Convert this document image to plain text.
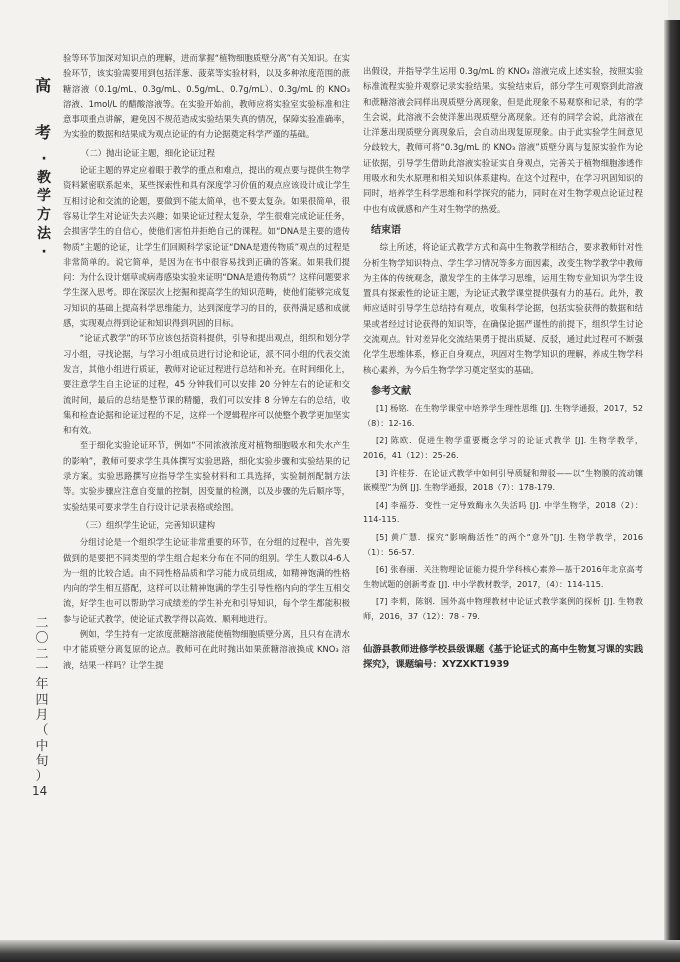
高
考
·
教
学
方
法
·
二
〇
二
一
年
四
月
（
中
旬
）
14

验等环节加深对知识点的理解，进而掌握“植物细胞质壁分离”有关知识。在实验环节，该实验需要用到包括洋葱、菠菜等实验材料，以及多种浓度范围的蔗糖溶液（0.1g/mL、0.3g/mL、0.5g/mL、0.7g/mL）、0.3g/mL 的 KNO₃ 溶液、1mol/L 的醋酸溶液等。在实验开始前，教师应将实验室实验标准和注意事项重点讲解，避免因不规范造成实验结果失真的情况，保障实验准确率，为实验的数据和结果成为观点论证的有力论据奠定科学严谨的基础。

（二）抛出论证主题，细化论证过程

论证主题的界定应着眼于教学的重点和难点，提出的观点要与提供生物学资料紧密联系起来，某些探索性和具有深度学习价值的观点应该设计成让学生互相讨论和交流的论题，要做到不能太简单，也不要太复杂。如果很简单，很容易让学生对论证失去兴趣；如果论证过程太复杂，学生很难完成论证任务，会损害学生的自信心，使他们害怕并拒绝自己的课程。如“DNA是主要的遗传物质”主题的论证，让学生们回顾科学家论证“DNA是遗传物质”观点的过程是非常简单的。说它简单，是因为在书中很容易找到正确的答案。如果我们提问：为什么设计烟草或病毒感染实验来证明“DNA是遗传物质”？这样问题要求学生深入思考。即在深层次上挖掘和提高学生的知识范畴，使他们能够完成复习知识的基础上提高科学思维能力，达到深度学习的目的，获得满足感和成就感，实现观点得到论证和知识得到巩固的目标。

“论证式教学”的环节应该包括资料提供，引导和提出观点，组织和划分学习小组，寻找论据，与学习小组成员进行讨论和论证，派不同小组的代表交流发言，其他小组进行质证，教师对论证过程进行总结和补充。在时间细化上，要注意学生自主论证的过程，45 分钟我们可以安排 20 分钟左右的论证和交流时间，最后的总结是整节课的精髓，我们可以安排 8 分钟左右的总结，收集和检查论据和论证过程的不足，这样一个逻辑程序可以使整个教学更加坚实和有效。

至于细化实验论证环节，例如“不同浓液浓度对植物细胞吸水和失水产生的影响”，教师可要求学生具体撰写实验思路，细化实验步骤和实验结果的记录方案。实验思路撰写应指导学生实验材料和工具选择，实验制剂配制方法等。实验步骤应注意自变量的控制，因变量的检测，以及步骤的先后顺序等，实验结果可要求学生自行设计记录表格或绘图。

（三）组织学生论证，完善知识建构

分组讨论是一个组织学生论证非常重要的环节，在分组的过程中，首先要做到的是要把不同类型的学生组合起来分布在不同的组别。学生人数以4-6人为一组的比较合适。由不同性格品质和学习能力成员组成，如精神饱满的性格内向的学生相互搭配，这样可以让精神饱满的学生引导性格内向的学生互相交流，好学生也可以帮助学习成绩差的学生补充和引导知识，每个学生都能积极参与论证式教学，使论证式教学得以高效、顺利地进行。

例如，学生持有一定浓度蔗糖溶液能使植物细胞质壁分离，且只有在清水中才能质壁分离复原的论点。教师可在此时抛出如果蔗糖溶液换成 KNO₃ 溶液，结果一样吗？让学生提

出假设，并指导学生运用 0.3g/mL 的 KNO₃ 溶液完成上述实验，按照实验标准流程实验并观察记录实验结果。实验结束后，部分学生可观察到此溶液和蔗糖溶液会同样出现质壁分离现象，但是此现象不易观察和记录，有的学生会说，此溶液不会使洋葱出现质壁分离现象。还有的同学会说，此溶液在让洋葱出现质壁分离现象后，会自动出现复原现象。由于此实验学生间意见分歧较大，教师可将“0.3g/mL 的 KNO₃ 溶液”质壁分离与复原实验作为论证依据，引导学生借助此溶液实验证实自身观点，完善关于植物细胞渗透作用吸水和失水原理和相关知识体系建构。在这个过程中，在学习巩固知识的同时，培养学生科学思维和科学探究的能力，同时在对生物学观点论证过程中也有成就感和产生对生物学的热爱。

结束语

综上所述，将论证式教学方式和高中生物教学相结合，要求教师针对性分析生物学知识特点、学生学习情况等多方面因素，改变生物学教学中教师为主体的传统观念，激发学生的主体学习思维，运用生物专业知识为学生设置具有探索性的论证主题，为论证式教学课堂提供强有力的基石。此外，教师应适时引导学生总结持有观点，收集科学论据，包括实验获得的数据和结果或者经过讨论获得的知识等，在确保论据严谨性的前提下，组织学生讨论交流观点。针对差异化交流结果勇于提出质疑、反驳，通过此过程可不断强化学生思维体系，修正自身观点，巩固对生物学知识的理解，养成生物学科核心素养，为今后生物学学习奠定坚实的基础。

参考文献

[1] 杨铭．在生物学课堂中培养学生理性思维 [J]. 生物学通报，2017，52（8）：12-16.

[2] 陈欧．促进生物学重要概念学习的论证式教学 [J]. 生物学教学，2016，41（12）：25-26.

[3] 许桂芬．在论证式教学中如何引导质疑和辩驳——以“生物膜的流动镶嵌模型”为例 [J]. 生物学通报，2018（7）：178-179.

[4] 李福芬．变性一定导致酶永久失活吗 [J]. 中学生物学，2018（2）：114-115.

[5] 黄广慧．探究“影响酶活性”的两个“意外”[J]. 生物学教学，2016（1）：56-57.

[6] 张春丽．关注物理论证能力提升学科核心素养—基于2016年北京高考生物试题的创新考查 [J]. 中小学教材教学，2017，（4）：114-115.

[7] 李莉，陈钢．国外高中物理教材中论证式教学案例的探析 [J]. 生物教师，2016，37（12）：78 - 79.

仙游县教师进修学校县级课题《基于论证式的高中生物复习课的实践探究》，课题编号：XYZXKT1939
